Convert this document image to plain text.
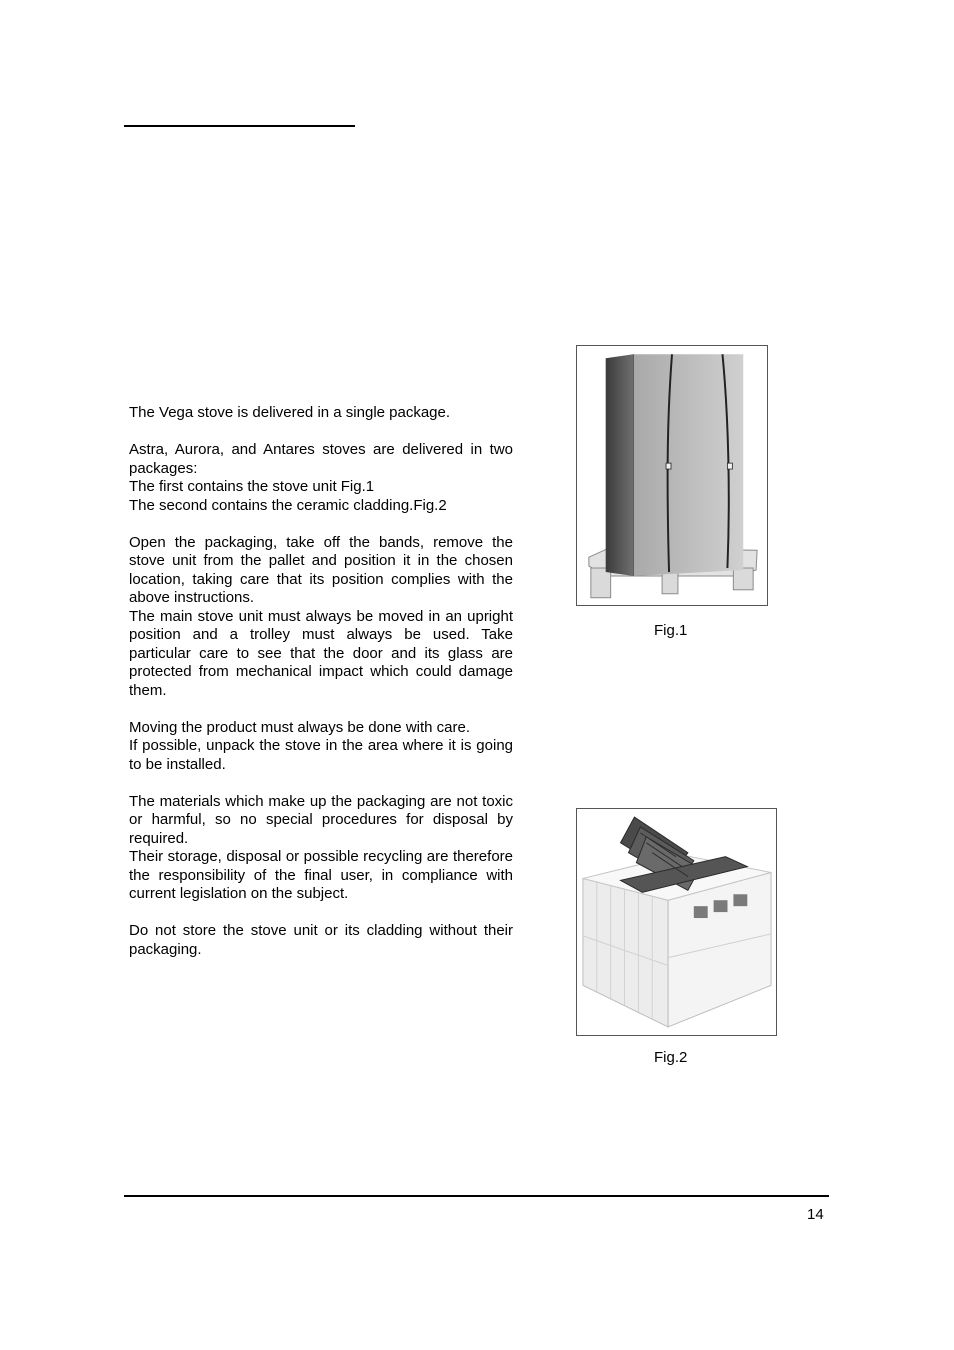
The Vega stove is delivered in a single package.

Astra, Aurora, and Antares stoves are delivered in two packages:
The first contains the stove unit Fig.1
The second contains the ceramic cladding.Fig.2

Open the packaging, take off the bands, remove the stove unit from the pallet and position it in the chosen location, taking care that its position complies with the above instructions.
The main stove unit must always be moved in an upright position and a trolley must always be used. Take particular care to see that the door and its glass are protected from mechanical impact which could damage them.

Moving the product must always be done with care.
If possible, unpack the stove in the area where it is going to be installed.

The materials which make up the packaging are not toxic or harmful, so no special procedures for disposal by required.
Their storage, disposal or possible recycling are therefore the responsibility of the final user, in compliance with current legislation on the subject.

Do not store the stove unit or its cladding without their packaging.

Fig.1
Fig.2
14
